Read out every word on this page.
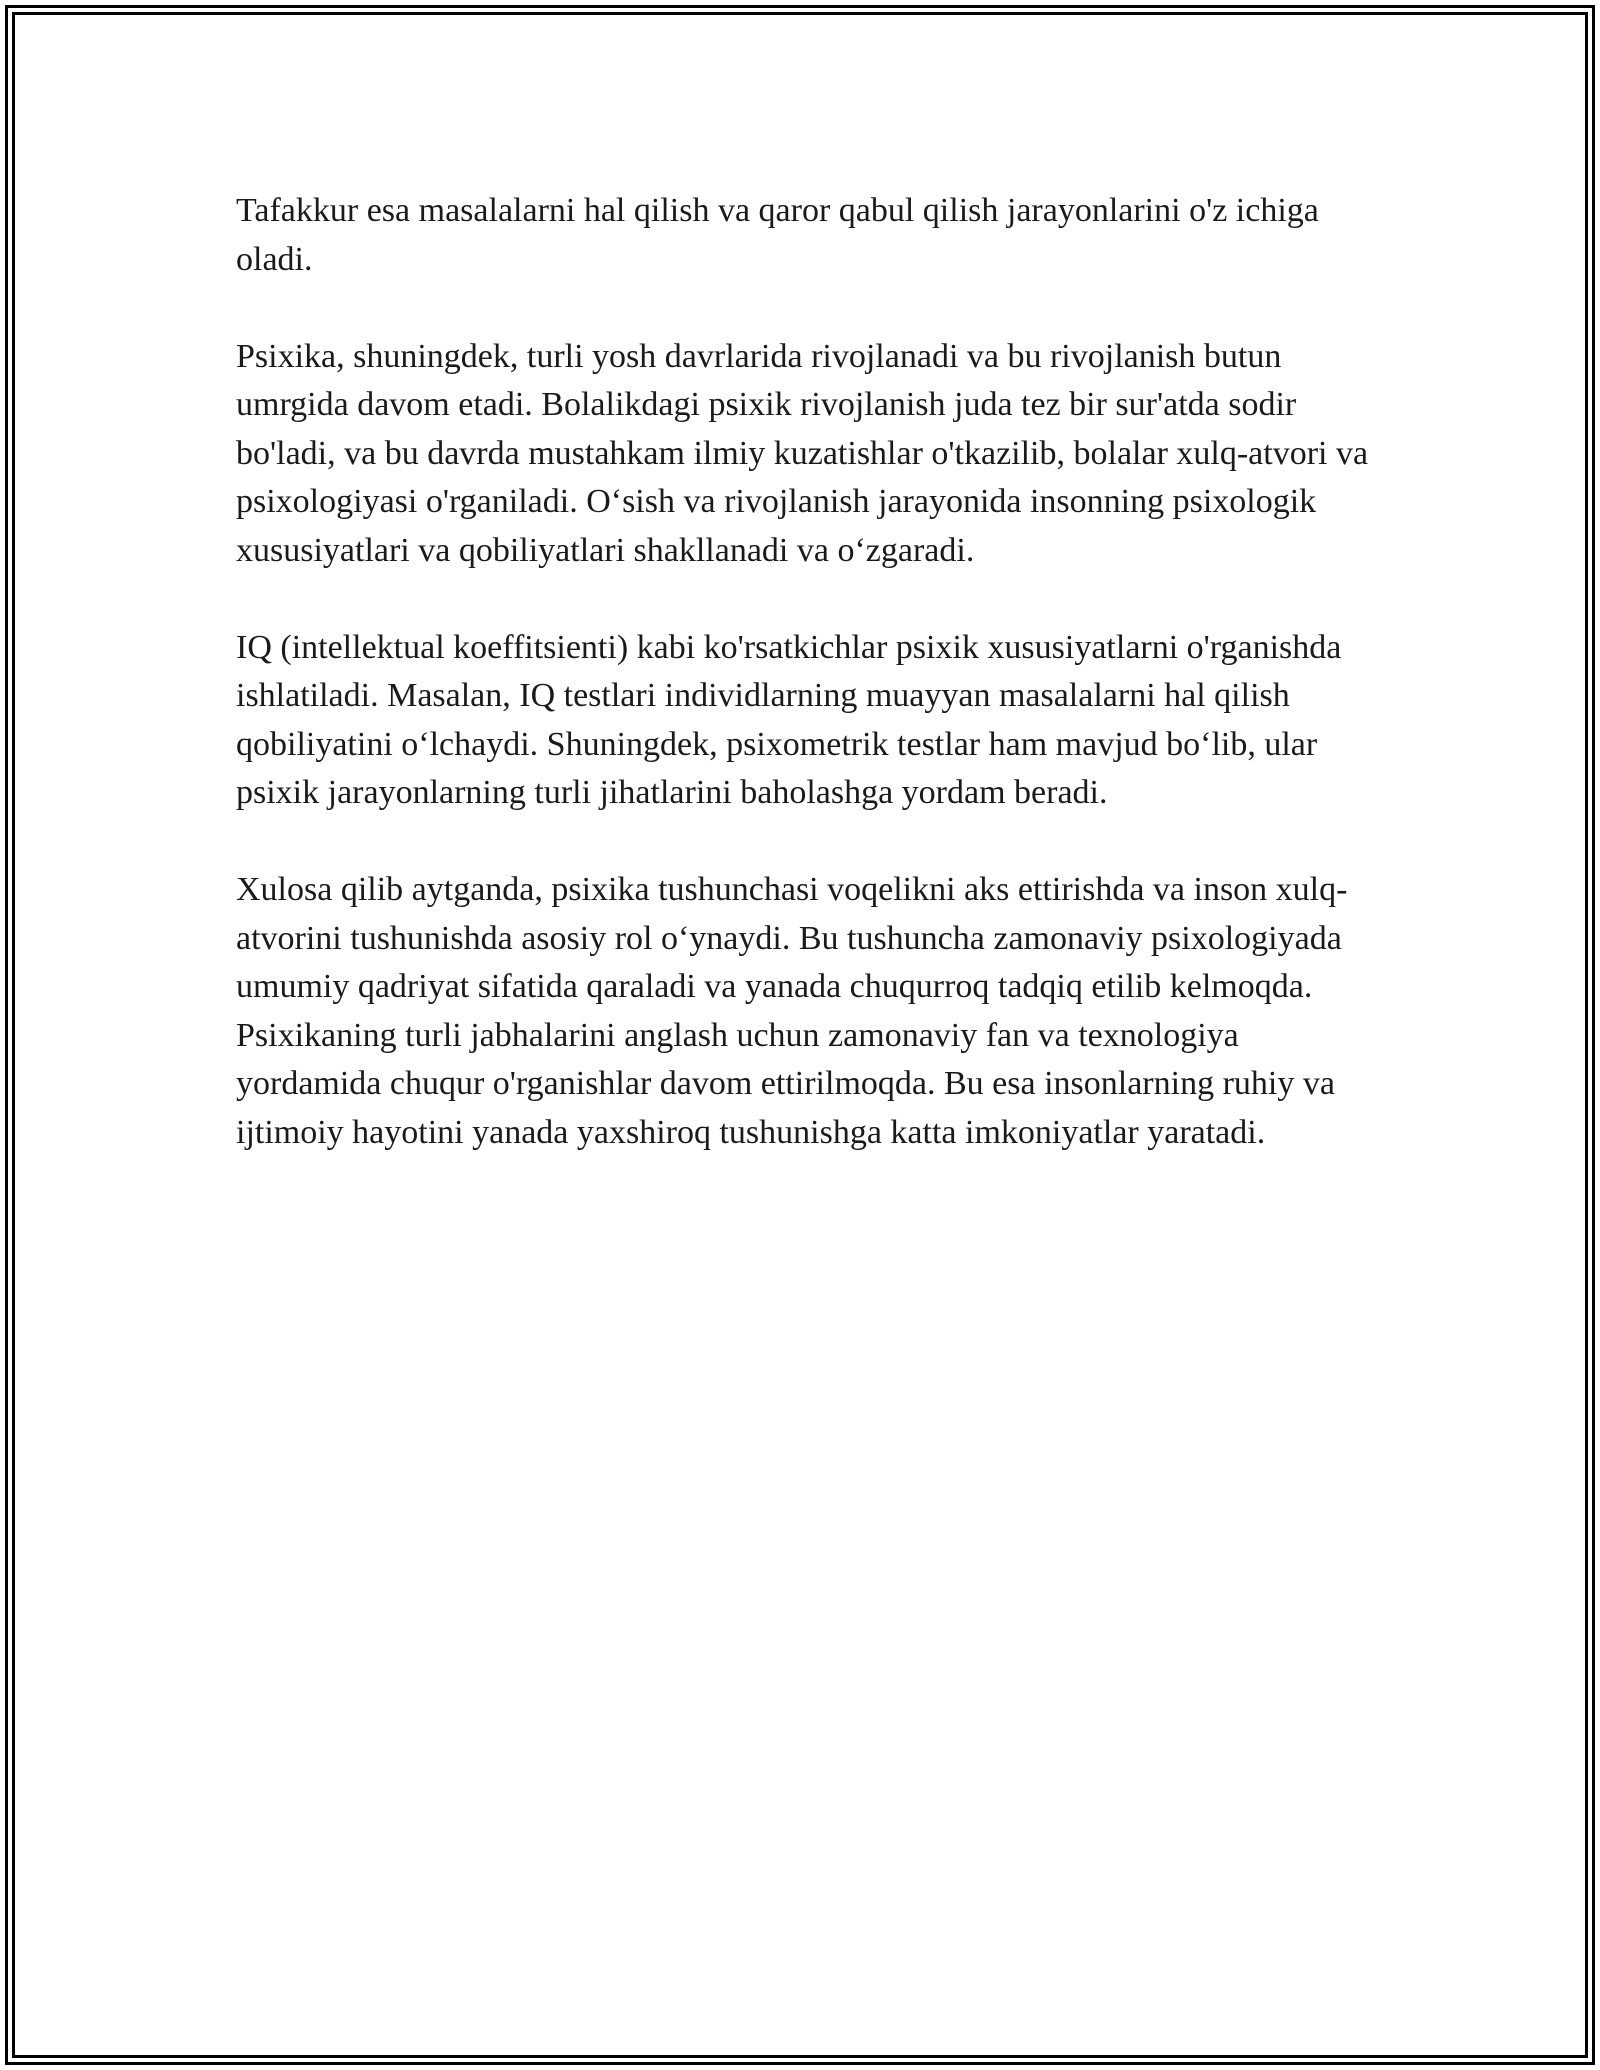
Tafakkur esa masalalarni hal qilish va qaror qabul qilish jarayonlarini o'z ichiga oladi.

Psixika, shuningdek, turli yosh davrlarida rivojlanadi va bu rivojlanish butun umrgida davom etadi. Bolalikdagi psixik rivojlanish juda tez bir sur'atda sodir bo'ladi, va bu davrda mustahkam ilmiy kuzatishlar o'tkazilib, bolalar xulq-atvori va psixologiyasi o'rganiladi. O‘sish va rivojlanish jarayonida insonning psixologik xususiyatlari va qobiliyatlari shakllanadi va o‘zgaradi.

IQ (intellektual koeffitsienti) kabi ko'rsatkichlar psixik xususiyatlarni o'rganishda ishlatiladi. Masalan, IQ testlari individlarning muayyan masalalarni hal qilish qobiliyatini o‘lchaydi. Shuningdek, psixometrik testlar ham mavjud bo‘lib, ular psixik jarayonlarning turli jihatlarini baholashga yordam beradi.

Xulosa qilib aytganda, psixika tushunchasi voqelikni aks ettirishda va inson xulq-atvorini tushunishda asosiy rol o‘ynaydi. Bu tushuncha zamonaviy psixologiyada umumiy qadriyat sifatida qaraladi va yanada chuqurroq tadqiq etilib kelmoqda. Psixikaning turli jabhalarini anglash uchun zamonaviy fan va texnologiya yordamida chuqur o'rganishlar davom ettirilmoqda. Bu esa insonlarning ruhiy va ijtimoiy hayotini yanada yaxshiroq tushunishga katta imkoniyatlar yaratadi.
